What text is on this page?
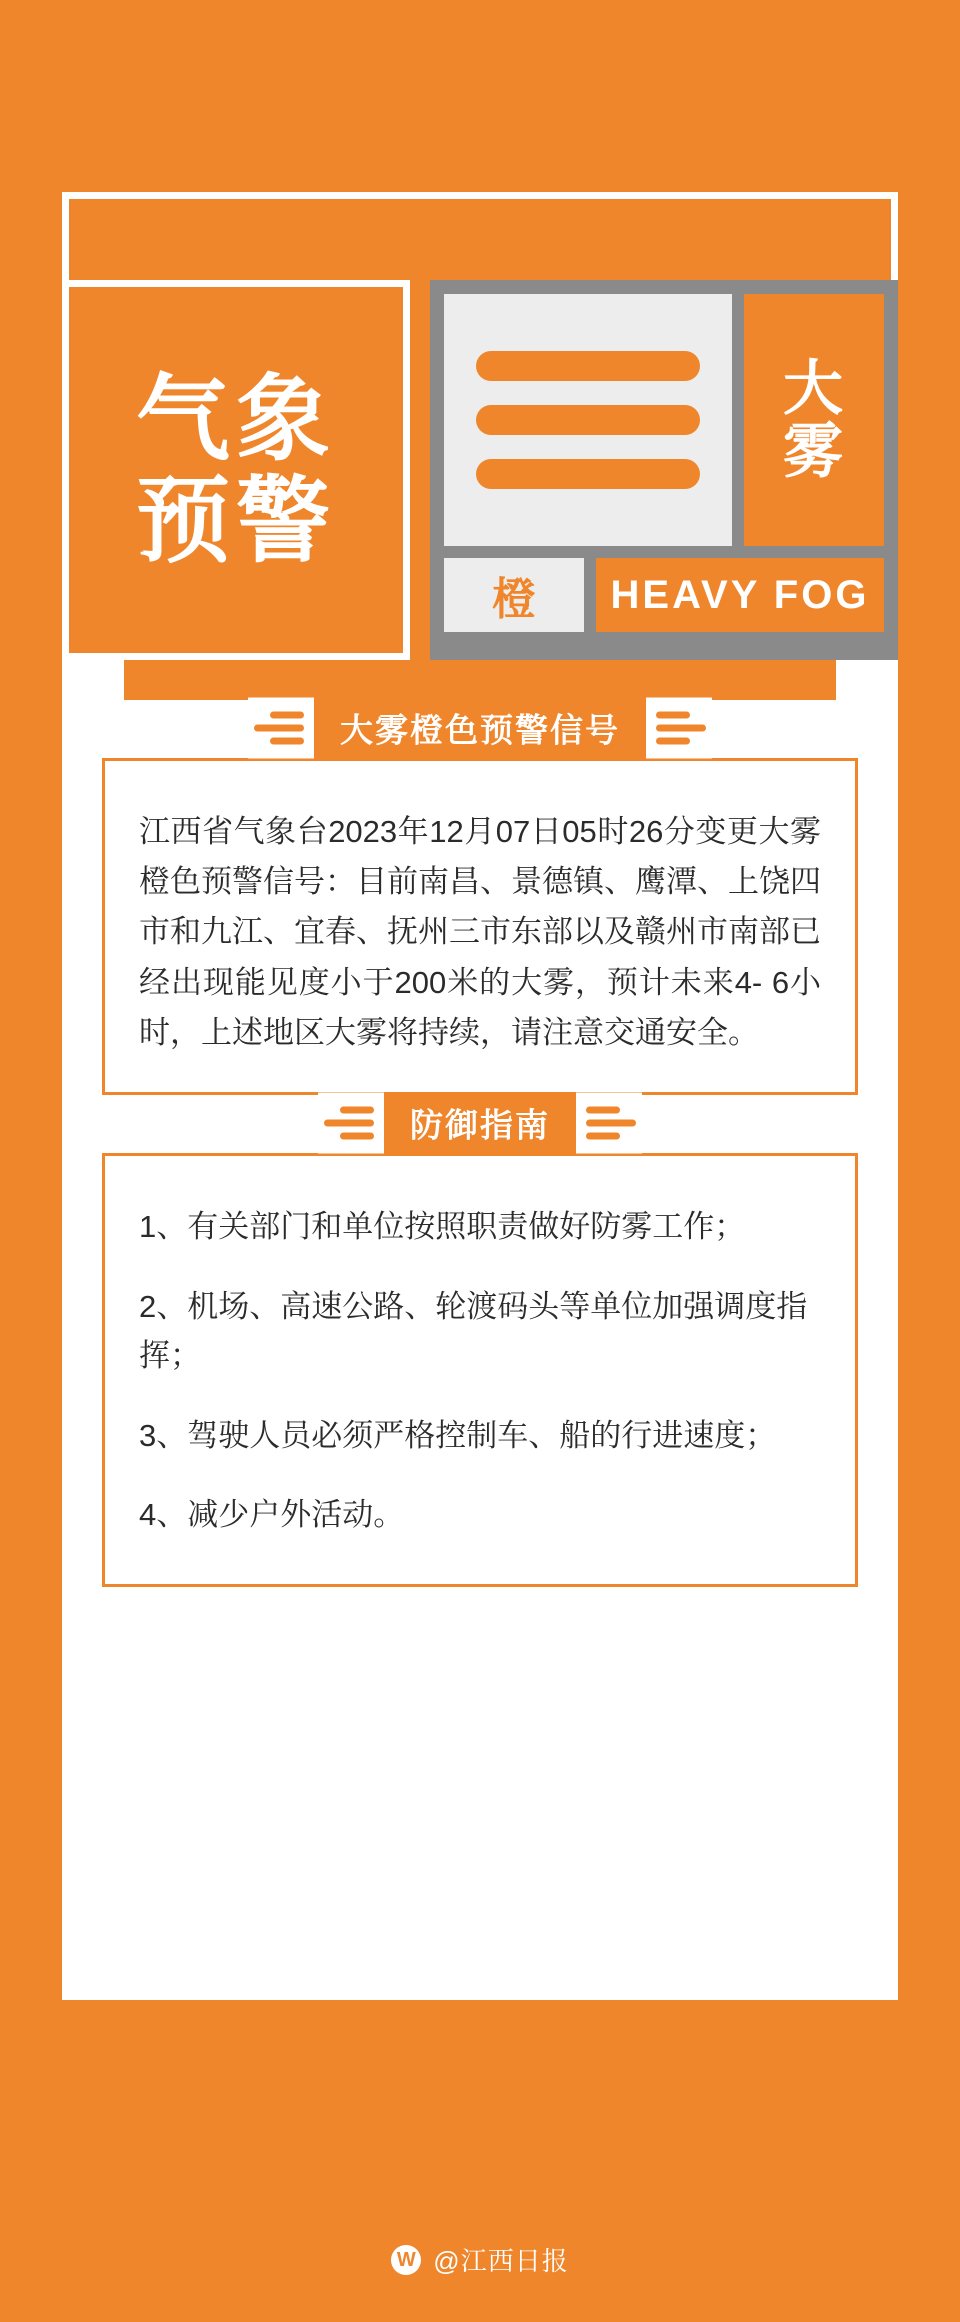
气象
预警
大
雾
橙	HEAVY FOG
大雾橙色预警信号

江西省气象台2023年12月07日05时26分变更大雾橙色预警信号：目前南昌、景德镇、鹰潭、上饶四市和九江、宜春、抚州三市东部以及赣州市南部已经出现能见度小于200米的大雾，预计未来4- 6小时，上述地区大雾将持续，请注意交通安全。

防御指南

1、有关部门和单位按照职责做好防雾工作；

2、机场、高速公路、轮渡码头等单位加强调度指挥；

3、驾驶人员必须严格控制车、船的行进速度；

4、减少户外活动。

W @江西日报
